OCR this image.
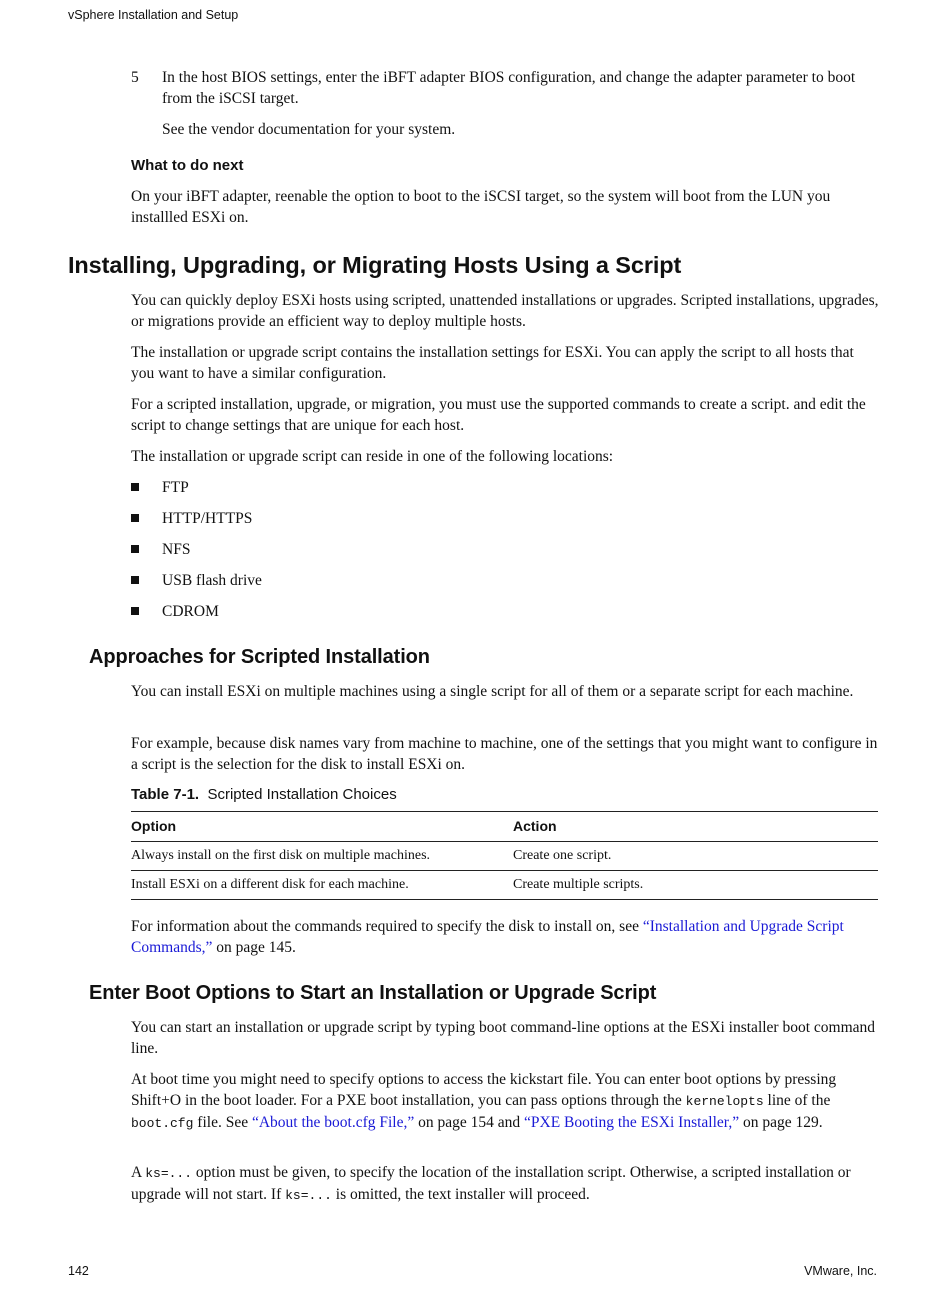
vSphere Installation and Setup
5 In the host BIOS settings, enter the iBFT adapter BIOS configuration, and change the adapter parameter to boot from the iSCSI target.
See the vendor documentation for your system.
What to do next

On your iBFT adapter, reenable the option to boot to the iSCSI target, so the system will boot from the LUN you installled ESXi on.

Installing, Upgrading, or Migrating Hosts Using a Script

You can quickly deploy ESXi hosts using scripted, unattended installations or upgrades. Scripted installations, upgrades, or migrations provide an efficient way to deploy multiple hosts.

The installation or upgrade script contains the installation settings for ESXi. You can apply the script to all hosts that you want to have a similar configuration.

For a scripted installation, upgrade, or migration, you must use the supported commands to create a script. and edit the script to change settings that are unique for each host.

The installation or upgrade script can reside in one of the following locations:

FTP
HTTP/HTTPS
NFS
USB flash drive
CDROM
Approaches for Scripted Installation

You can install ESXi on multiple machines using a single script for all of them or a separate script for each machine.

For example, because disk names vary from machine to machine, one of the settings that you might want to configure in a script is the selection for the disk to install ESXi on.

Table 7-1. Scripted Installation Choices
Option	Action
Always install on the first disk on multiple machines.	Create one script.
Install ESXi on a different disk for each machine.	Create multiple scripts.

For information about the commands required to specify the disk to install on, see “Installation and Upgrade Script Commands,” on page 145.

Enter Boot Options to Start an Installation or Upgrade Script

You can start an installation or upgrade script by typing boot command-line options at the ESXi installer boot command line.

At boot time you might need to specify options to access the kickstart file. You can enter boot options by pressing Shift+O in the boot loader. For a PXE boot installation, you can pass options through the kernelopts line of the boot.cfg file. See “About the boot.cfg File,” on page 154 and “PXE Booting the ESXi Installer,” on page 129.

A ks=... option must be given, to specify the location of the installation script. Otherwise, a scripted installation or upgrade will not start. If ks=... is omitted, the text installer will proceed.

142	VMware, Inc.
